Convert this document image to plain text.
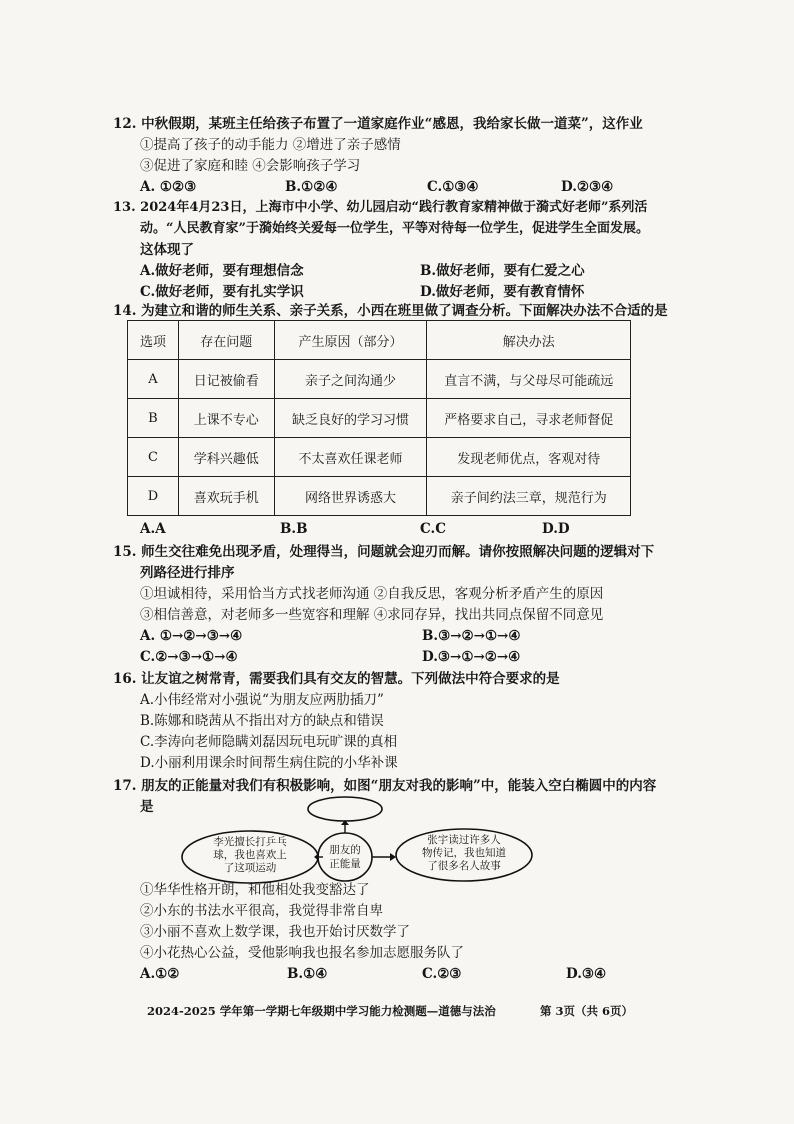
12. 中秋假期，某班主任给孩子布置了一道家庭作业“感恩，我给家长做一道菜”，这作业
①提高了孩子的动手能力 ②增进了亲子感情
③促进了家庭和睦 ④会影响孩子学习
A. ①②③	B.①②④	C.①③④	D.②③④
13. 2024年4月23日，上海市中小学、幼儿园启动“践行教育家精神做于漪式好老师”系列活
动。“人民教育家”于漪始终关爱每一位学生，平等对待每一位学生，促进学生全面发展。
这体现了
A.做好老师，要有理想信念	B.做好老师，要有仁爱之心
C.做好老师，要有扎实学识	D.做好老师，要有教育情怀
14. 为建立和谐的师生关系、亲子关系，小西在班里做了调查分析。下面解决办法不合适的是
选项	存在问题	产生原因（部分）	解决办法
A	日记被偷看	亲子之间沟通少	直言不满，与父母尽可能疏远
B	上课不专心	缺乏良好的学习习惯	严格要求自己，寻求老师督促
C	学科兴趣低	不太喜欢任课老师	发现老师优点，客观对待
D	喜欢玩手机	网络世界诱惑大	亲子间约法三章，规范行为
A.A	B.B	C.C	D.D
15. 师生交往难免出现矛盾，处理得当，问题就会迎刃而解。请你按照解决问题的逻辑对下
列路径进行排序
①坦诚相待，采用恰当方式找老师沟通 ②自我反思，客观分析矛盾产生的原因
③相信善意，对老师多一些宽容和理解 ④求同存异，找出共同点保留不同意见
A. ①→②→③→④	B.③→②→①→④
C.②→③→①→④	D.③→①→②→④
16. 让友谊之树常青，需要我们具有交友的智慧。下列做法中符合要求的是
A.小伟经常对小强说“为朋友应两肋插刀”
B.陈娜和晓茜从不指出对方的缺点和错误
C.李涛向老师隐瞒刘磊因玩电玩旷课的真相
D.小丽利用课余时间帮生病住院的小华补课
17. 朋友的正能量对我们有积极影响，如图“朋友对我的影响”中，能装入空白椭圆中的内容
是
李光擅长打乒乓
球，我也喜欢上
了这项运动
朋友的
正能量
张宇读过许多人
物传记，我也知道
了很多名人故事
①华华性格开朗，和他相处我变豁达了
②小东的书法水平很高，我觉得非常自卑
③小丽不喜欢上数学课，我也开始讨厌数学了
④小花热心公益，受他影响我也报名参加志愿服务队了
A.①②	B.①④	C.②③	D.③④
2024-2025 学年第一学期七年级期中学习能力检测题—道德与法治	第 3页（共 6页）
